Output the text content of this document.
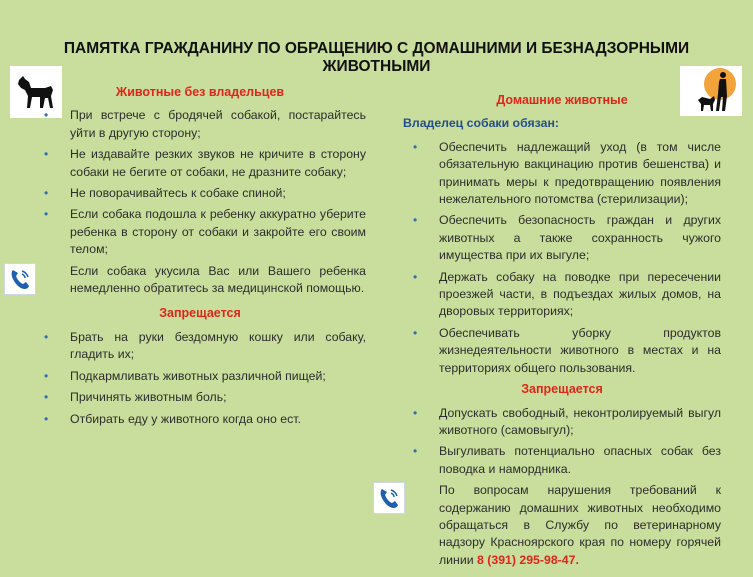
ПАМЯТКА ГРАЖДАНИНУ ПО ОБРАЩЕНИЮ С ДОМАШНИМИ И БЕЗНАДЗОРНЫМИ ЖИВОТНЫМИ
Животные без владельцев
• При встрече с бродячей собакой, постарайтесь уйти в другую сторону;
• Не издавайте резких звуков не кричите в сторону собаки не бегите от собаки, не дразните собаку;
• Не поворачивайтесь к собаке спиной;
• Если собака подошла к ребенку аккуратно уберите ребенка в сторону от собаки и закройте его своим телом;
Если собака укусила Вас или Вашего ребенка немедленно обратитесь за медицинской помощью.
Запрещается
• Брать на руки бездомную кошку или собаку, гладить их;
• Подкармливать животных различной пищей;
• Причинять животным боль;
• Отбирать еду у животного когда оно ест.
Домашние животные
Владелец собаки обязан:
• Обеспечить надлежащий уход (в том числе обязательную вакцинацию против бешенства) и принимать меры к предотвращению появления нежелательного потомства (стерилизации);
• Обеспечить безопасность граждан и других животных а также сохранность чужого имущества при их выгуле;
• Держать собаку на поводке при пересечении проезжей части, в подъездах жилых домов, на дворовых территориях;
• Обеспечивать уборку продуктов жизнедеятельности животного в местах и на территориях общего пользования.
Запрещается
• Допускать свободный, неконтролируемый выгул животного (самовыгул);
• Выгуливать потенциально опасных собак без поводка и намордника.
По вопросам нарушения требований к содержанию домашних животных необходимо обращаться в Службу по ветеринарному надзору Красноярского края по номеру горячей линии 8 (391) 295-98-47.
